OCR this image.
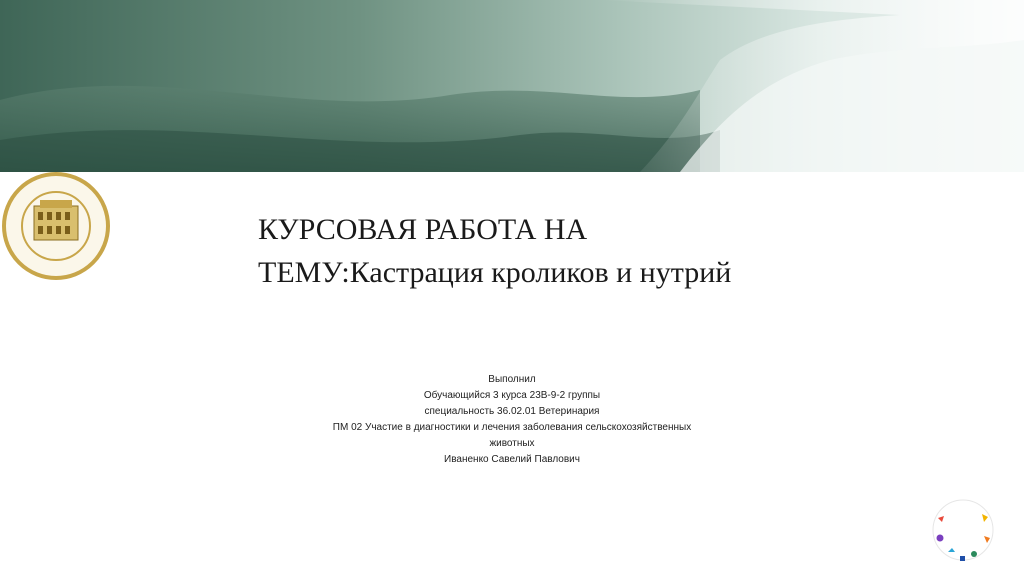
КУРСОВАЯ РАБОТА НА
ТЕМУ:Кастрация кроликов и нутрий
Выполнил
Обучающийся 3 курса 23В-9-2 группы
специальность 36.02.01 Ветеринария
ПМ 02 Участие в диагностики и лечения заболевания сельскохозяйственных
животных
Иваненко Савелий Павлович
